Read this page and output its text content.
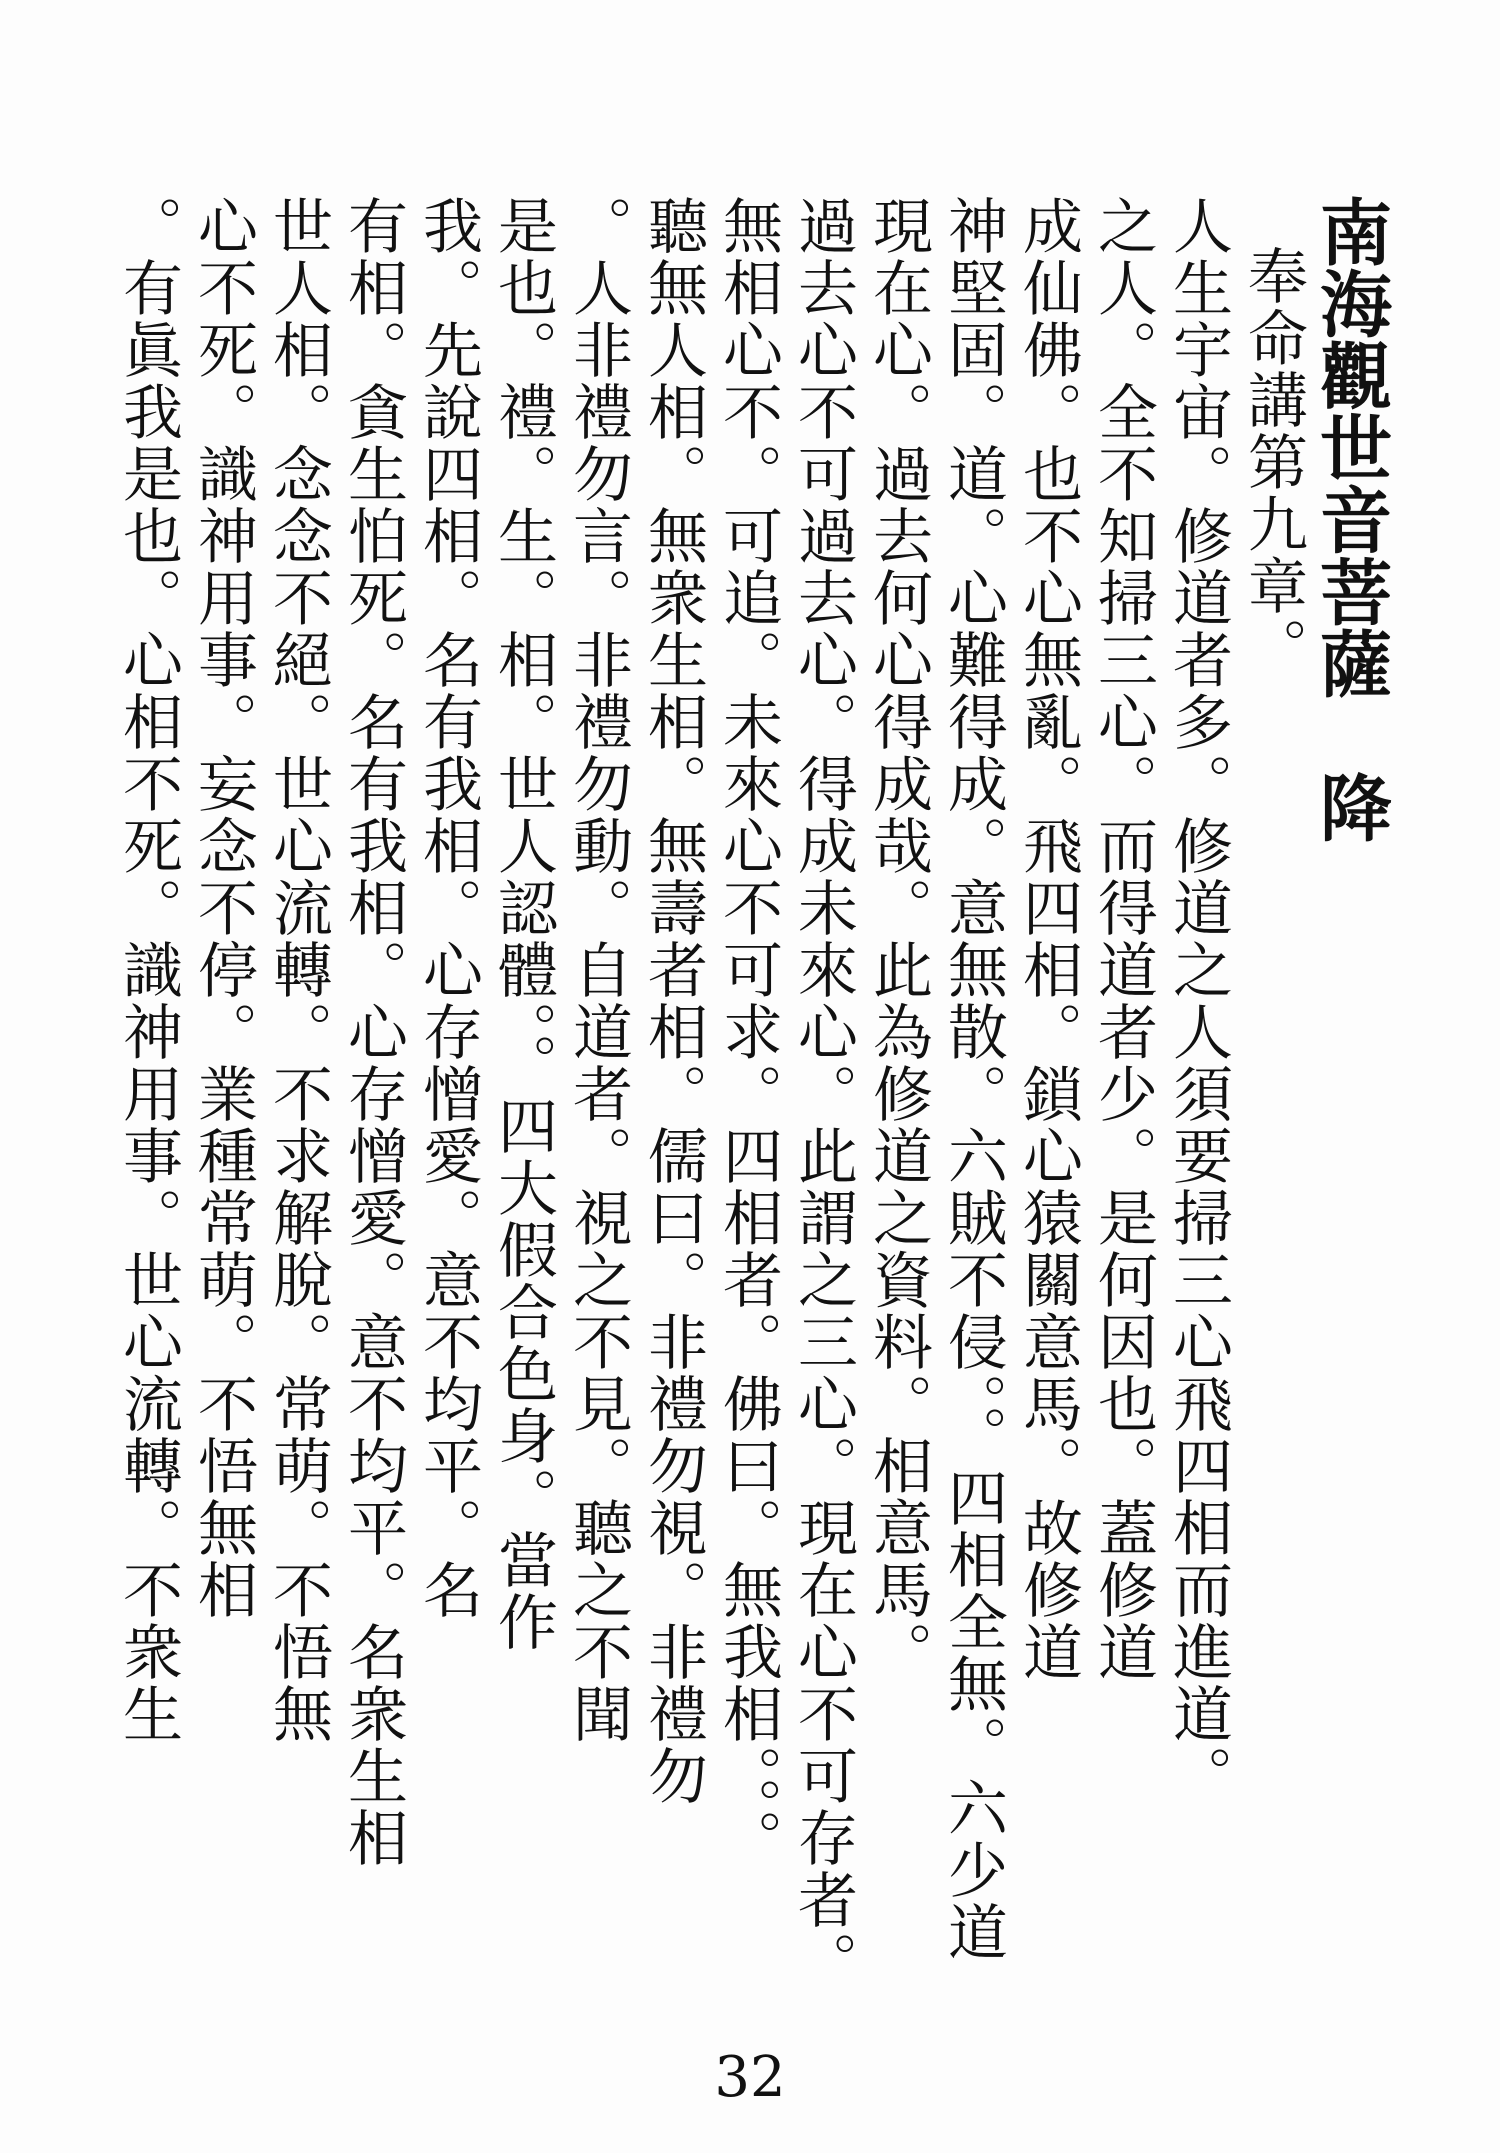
南海觀世音菩薩　降
奉命講第九章。
人生宇宙。修道者多。修道之人須要掃三心飛四相而進道。
之人。全不知掃三心。而得道者少。是何因也。蓋修道
成仙佛。也不心無亂。飛四相。鎖心猿關意馬。故修道
神堅固。道。心難得成。意無散。六賊不侵。。四相全無。六少道
現在心。過去何心得成哉。此為修道之資料。相意馬。
過去心不可過去心。得成未來心。此謂之三心。現在心不可存者。
無相心不。可追。未來心不可求。四相者。佛曰。無我相。。。
聽無人相。無衆生相。無壽者相。儒曰。非禮勿視。非禮勿
。人非禮勿言。非禮勿動。自道者。視之不見。聽之不聞
是也。禮。生。相。世人認體。。四大假合色身。當作
我。先說四相。名有我相。心存憎愛。意不均平。名
有相。貪生怕死。名有我相。心存憎愛。意不均平。名衆生相
世人相。念念不絕。世心流轉。不求解脫。常萌。不悟無
心不死。識神用事。妄念不停。業種常萌。不悟無相
。有眞我是也。心相不死。識神用事。世心流轉。不衆生
32
